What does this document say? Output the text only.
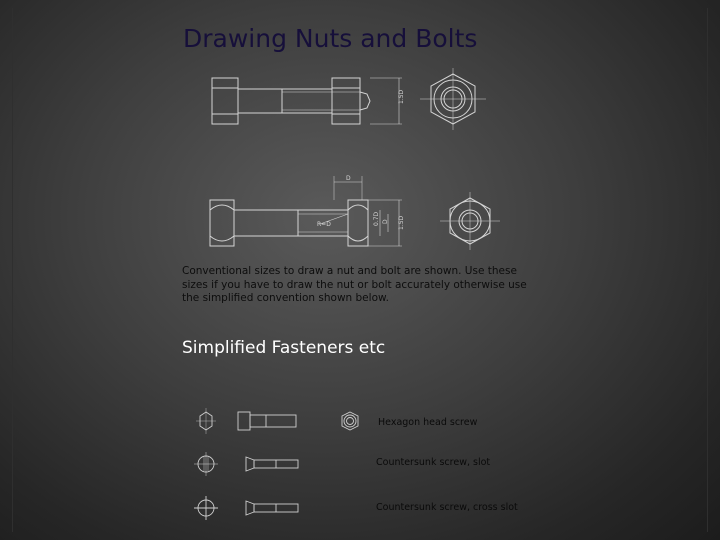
Drawing Nuts and Bolts
1.5D
D
R=D	1.5D
0.7D D

Conventional sizes to draw a nut and bolt are shown. Use these sizes if you have to draw the nut or bolt accurately otherwise use the simplified convention shown below.

Simplified Fasteners etc
Hexagon head screw
Countersunk screw, slot
Countersunk screw, cross slot
